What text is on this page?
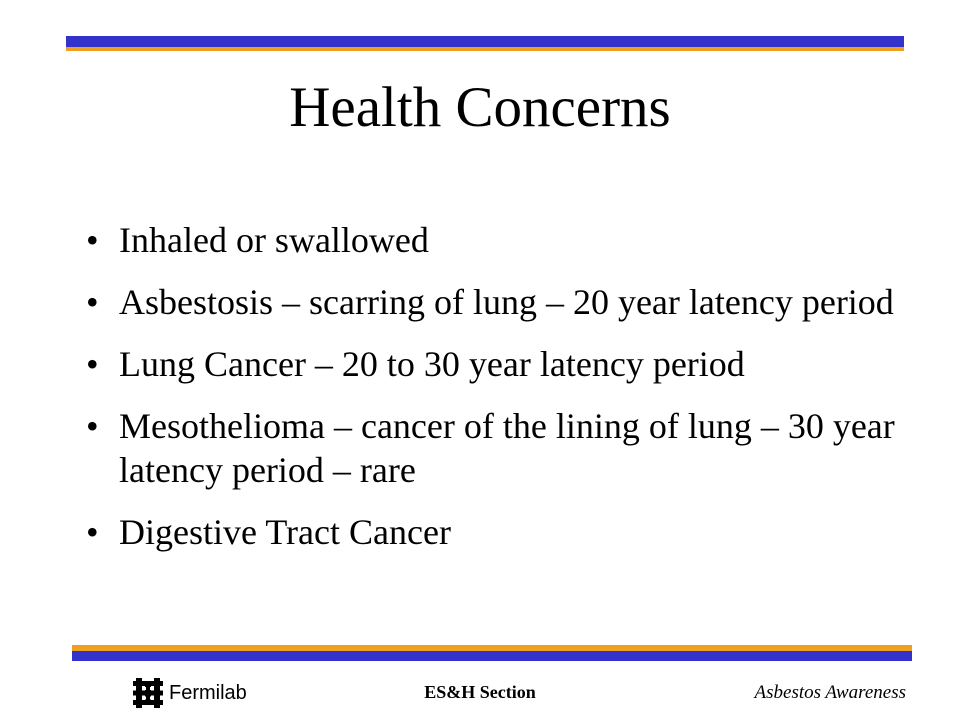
Health Concerns
• Inhaled or swallowed
• Asbestosis – scarring of lung – 20 year latency period
• Lung Cancer – 20 to 30 year latency period
• Mesothelioma – cancer of the lining of lung – 30 year latency period – rare
• Digestive Tract Cancer
Fermilab	ES&H Section	Asbestos Awareness
